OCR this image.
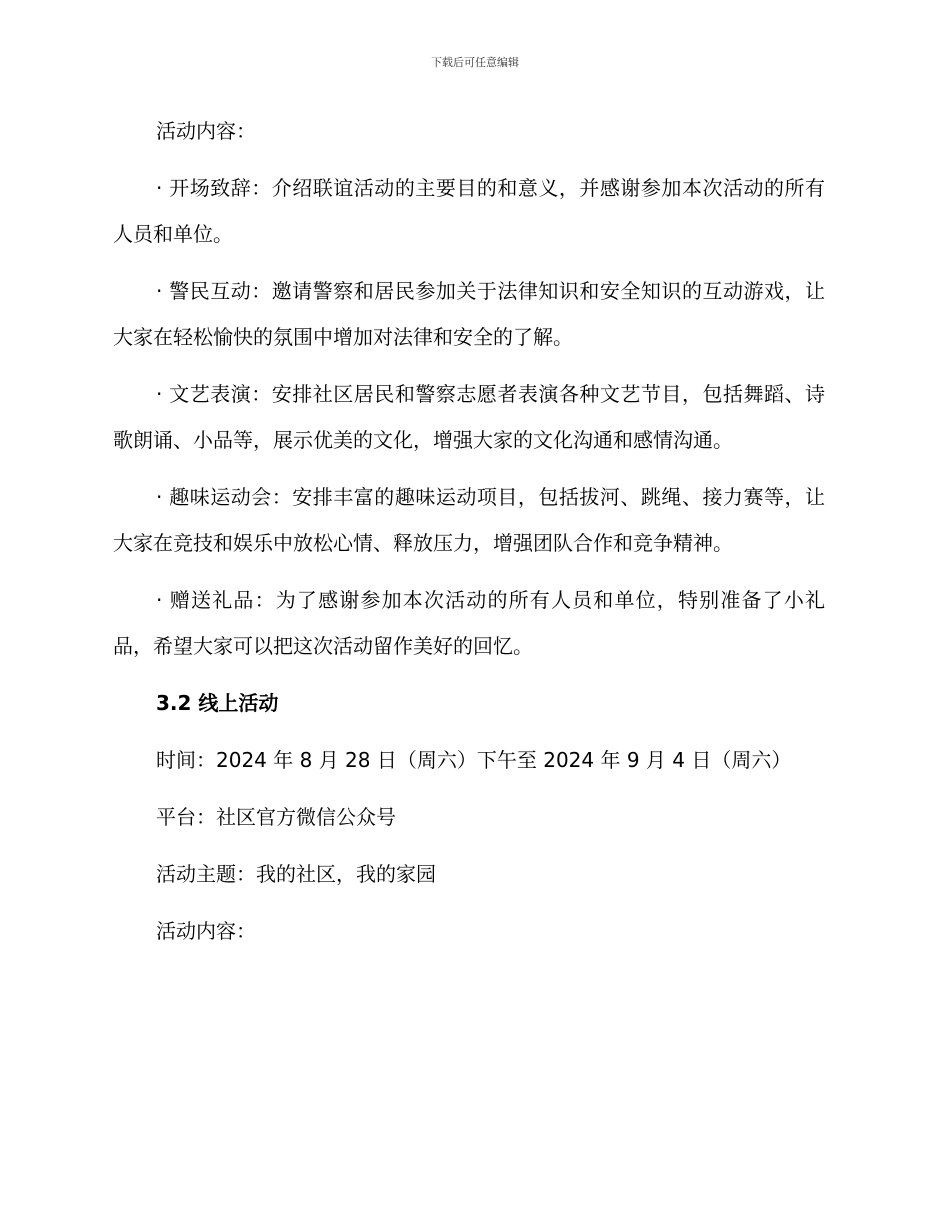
下载后可任意编辑

活动内容：

· 开场致辞：介绍联谊活动的主要目的和意义，并感谢参加本次活动的所有人员和单位。

· 警民互动：邀请警察和居民参加关于法律知识和安全知识的互动游戏，让大家在轻松愉快的氛围中增加对法律和安全的了解。

· 文艺表演：安排社区居民和警察志愿者表演各种文艺节目，包括舞蹈、诗歌朗诵、小品等，展示优美的文化，增强大家的文化沟通和感情沟通。

· 趣味运动会：安排丰富的趣味运动项目，包括拔河、跳绳、接力赛等，让大家在竞技和娱乐中放松心情、释放压力，增强团队合作和竞争精神。

· 赠送礼品：为了感谢参加本次活动的所有人员和单位，特别准备了小礼品，希望大家可以把这次活动留作美好的回忆。

3.2 线上活动

时间：2024 年 8 月 28 日（周六）下午至 2024 年 9 月 4 日（周六）

平台：社区官方微信公众号

活动主题：我的社区，我的家园

活动内容：
